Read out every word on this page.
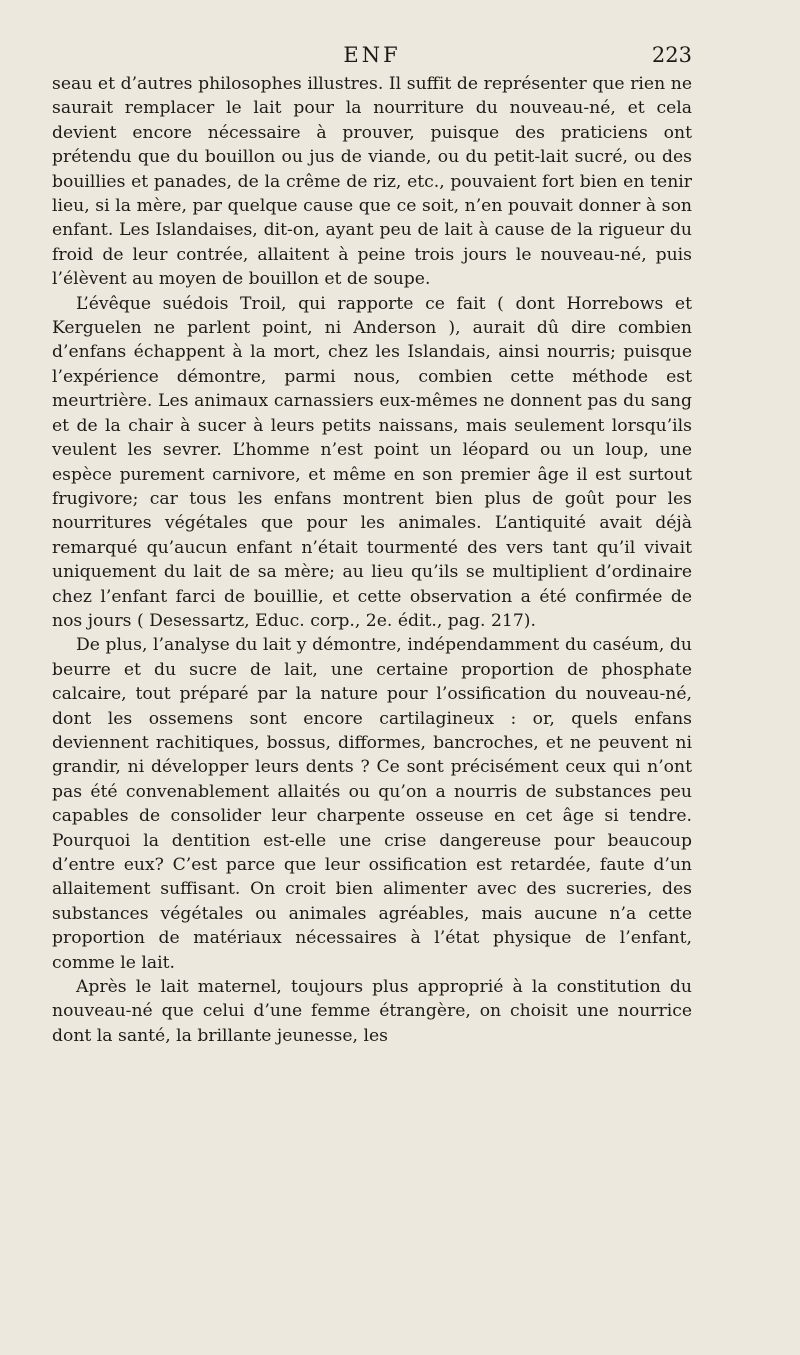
ENF	223

seau et d’autres philosophes illustres. Il suffit de représenter que rien ne saurait remplacer le lait pour la nourriture du nouveau-né, et cela devient encore nécessaire à prouver, puisque des praticiens ont prétendu que du bouillon ou jus de viande, ou du petit-lait sucré, ou des bouillies et panades, de la crême de riz, etc., pouvaient fort bien en tenir lieu, si la mère, par quelque cause que ce soit, n’en pouvait donner à son enfant. Les Islandaises, dit-on, ayant peu de lait à cause de la rigueur du froid de leur contrée, allaitent à peine trois jours le nouveau-né, puis l’élèvent au moyen de bouillon et de soupe.

L’évêque suédois Troil, qui rapporte ce fait ( dont Horrebows et Kerguelen ne parlent point, ni Anderson ), aurait dû dire combien d’enfans échappent à la mort, chez les Islandais, ainsi nourris; puisque l’expérience démontre, parmi nous, combien cette méthode est meurtrière. Les animaux carnassiers eux-mêmes ne donnent pas du sang et de la chair à sucer à leurs petits naissans, mais seulement lorsqu’ils veulent les sevrer. L’homme n’est point un léopard ou un loup, une espèce purement carnivore, et même en son premier âge il est surtout frugivore; car tous les enfans montrent bien plus de goût pour les nourritures végétales que pour les animales. L’antiquité avait déjà remarqué qu’aucun enfant n’était tourmenté des vers tant qu’il vivait uniquement du lait de sa mère; au lieu qu’ils se multiplient d’ordinaire chez l’enfant farci de bouillie, et cette observation a été confirmée de nos jours ( Desessartz, Educ. corp., 2e. édit., pag. 217).

De plus, l’analyse du lait y démontre, indépendamment du caséum, du beurre et du sucre de lait, une certaine proportion de phosphate calcaire, tout préparé par la nature pour l’ossification du nouveau-né, dont les ossemens sont encore cartilagineux : or, quels enfans deviennent rachitiques, bossus, difformes, bancroches, et ne peuvent ni grandir, ni développer leurs dents ? Ce sont précisément ceux qui n’ont pas été convenablement allaités ou qu’on a nourris de substances peu capables de consolider leur charpente osseuse en cet âge si tendre. Pourquoi la dentition est-elle une crise dangereuse pour beaucoup d’entre eux? C’est parce que leur ossification est retardée, faute d’un allaitement suffisant. On croit bien alimenter avec des sucreries, des substances végétales ou animales agréables, mais aucune n’a cette proportion de matériaux nécessaires à l’état physique de l’enfant, comme le lait.

Après le lait maternel, toujours plus approprié à la constitution du nouveau-né que celui d’une femme étrangère, on choisit une nourrice dont la santé, la brillante jeunesse, les
